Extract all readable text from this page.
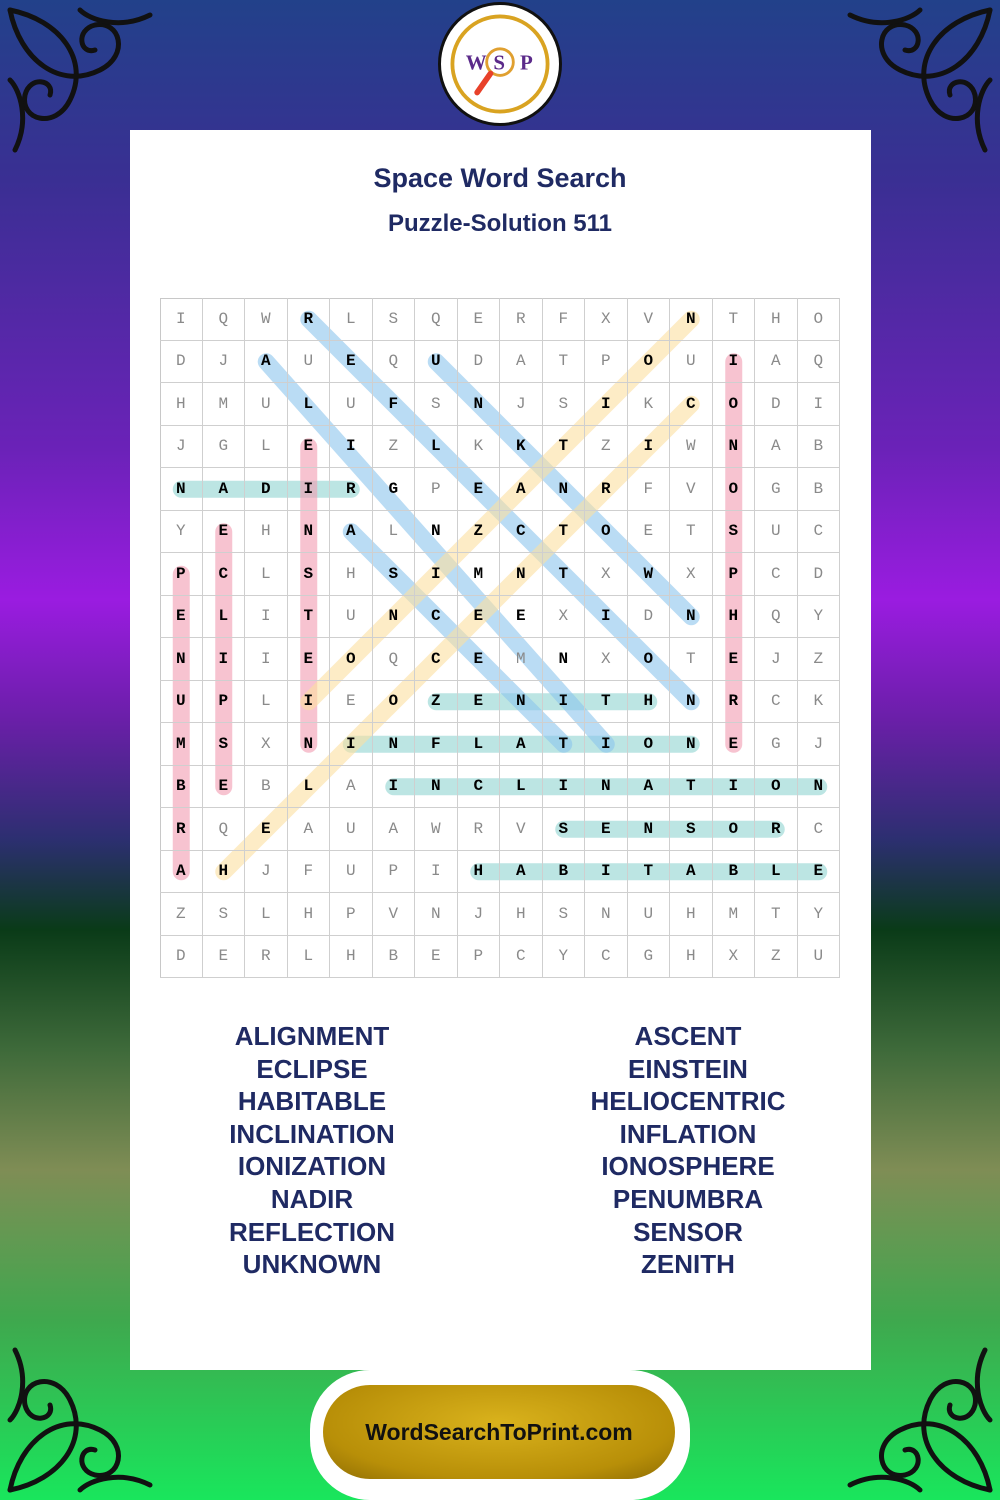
W S P
Space Word Search
Puzzle-Solution 511
I	Q	W	R	L	S	Q	E	R	F	X	V	N	T	H	O
D	J	A	U	E	Q	U	D	A	T	P	O	U	I	A	Q
H	M	U	L	U	F	S	N	J	S	I	K	C	O	D	I
J	G	L	E	I	Z	L	K	K	T	Z	I	W	N	A	B
N	A	D	I	R	G	P	E	A	N	R	F	V	O	G	B
Y	E	H	N	A	L	N	Z	C	T	O	E	T	S	U	C
P	C	L	S	H	S	I	M	N	T	X	W	X	P	C	D
E	L	I	T	U	N	C	E	E	X	I	D	N	H	Q	Y
N	I	I	E	O	Q	C	E	M	N	X	O	T	E	J	Z
U	P	L	I	E	O	Z	E	N	I	T	H	N	R	C	K
M	S	X	N	I	N	F	L	A	T	I	O	N	E	G	J
B	E	B	L	A	I	N	C	L	I	N	A	T	I	O	N
R	Q	E	A	U	A	W	R	V	S	E	N	S	O	R	C
A	H	J	F	U	P	I	H	A	B	I	T	A	B	L	E
Z	S	L	H	P	V	N	J	H	S	N	U	H	M	T	Y
D	E	R	L	H	B	E	P	C	Y	C	G	H	X	Z	U
ALIGNMENT
ECLIPSE
HABITABLE
INCLINATION
IONIZATION
NADIR
REFLECTION
UNKNOWN
ASCENT
EINSTEIN
HELIOCENTRIC
INFLATION
IONOSPHERE
PENUMBRA
SENSOR
ZENITH
WordSearchToPrint.com
